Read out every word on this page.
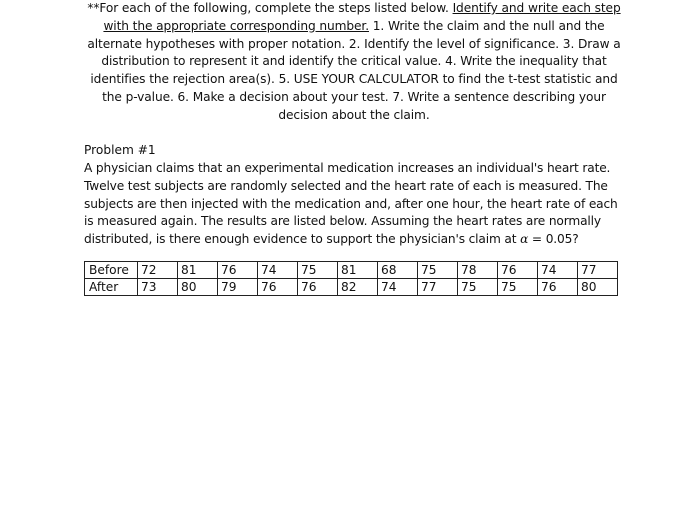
**For each of the following, complete the steps listed below. Identify and write each step with the appropriate corresponding number. 1. Write the claim and the null and the alternate hypotheses with proper notation. 2. Identify the level of significance. 3. Draw a distribution to represent it and identify the critical value. 4. Write the inequality that identifies the rejection area(s). 5. USE YOUR CALCULATOR to find the t-test statistic and the p-value. 6. Make a decision about your test. 7. Write a sentence describing your decision about the claim.
Problem #1
A physician claims that an experimental medication increases an individual's heart rate. Twelve test subjects are randomly selected and the heart rate of each is measured. The subjects are then injected with the medication and, after one hour, the heart rate of each is measured again. The results are listed below. Assuming the heart rates are normally distributed, is there enough evidence to support the physician's claim at α = 0.05?
Before	72	81	76	74	75	81	68	75	78	76	74	77
After	73	80	79	76	76	82	74	77	75	75	76	80
